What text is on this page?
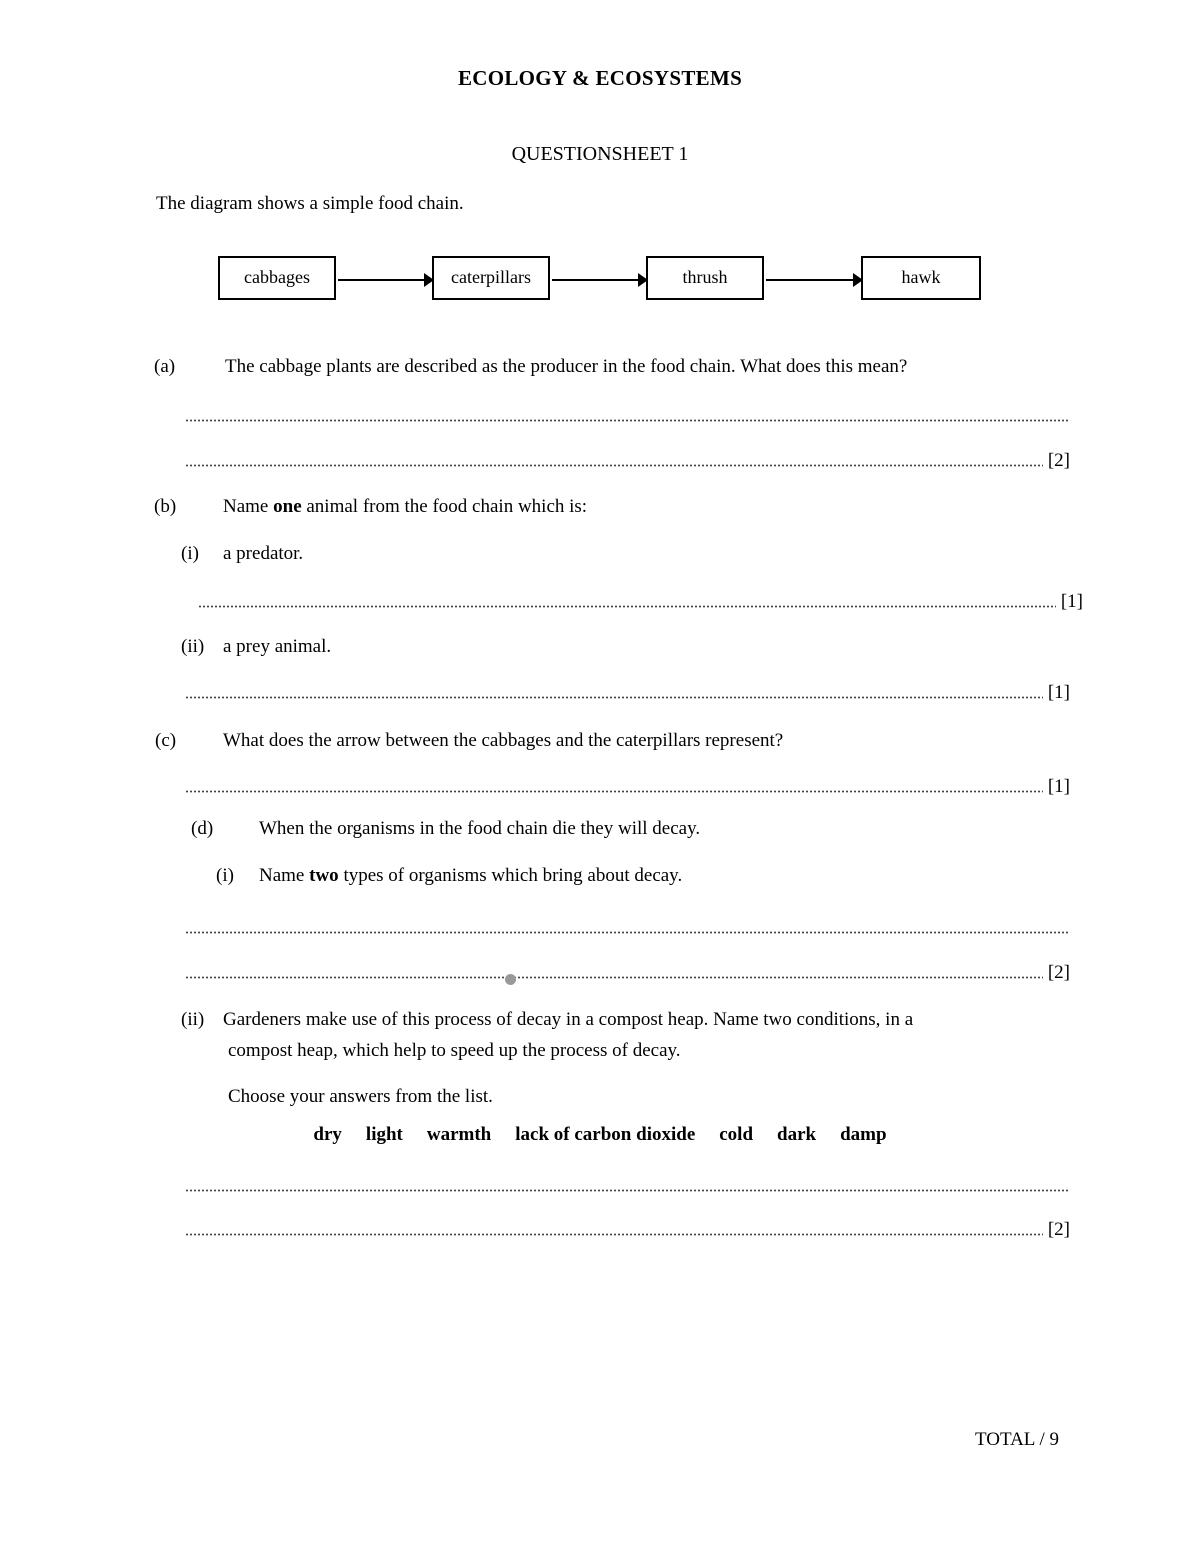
ECOLOGY & ECOSYSTEMS
QUESTIONSHEET 1
The diagram shows a simple food chain.
cabbages	caterpillars	thrush	hawk
(a)	The cabbage plants are described as the producer in the food chain. What does this mean?
[2]
(b) Name one animal from the food chain which is:
(i) a predator.
[1]
(ii) a prey animal.
[1]
(c) What does the arrow between the cabbages and the caterpillars represent?
[1]
(d) When the organisms in the food chain die they will decay.
(i) Name two types of organisms which bring about decay.
[2]
(ii) Gardeners make use of this process of decay in a compost heap. Name two conditions, in a
compost heap, which help to speed up the process of decay.
Choose your answers from the list.
dry light warmth lack of carbon dioxide cold dark damp
[2]
TOTAL / 9
